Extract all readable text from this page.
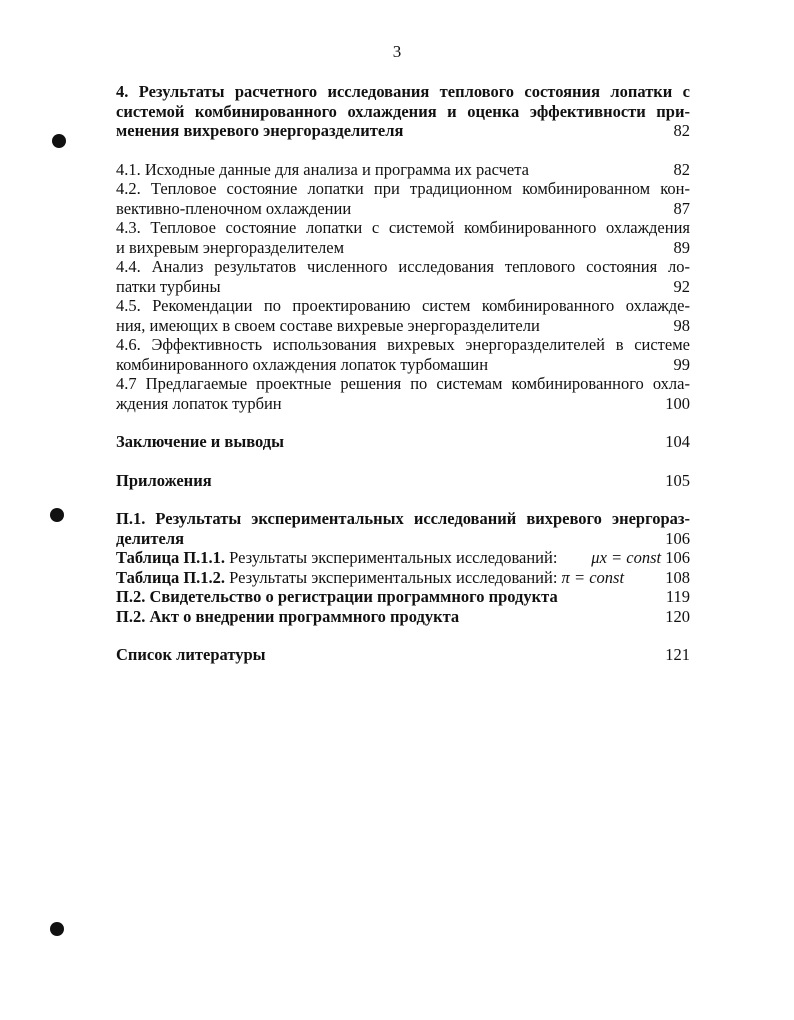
3
4. Результаты расчетного исследования теплового состояния лопатки с
системой комбинированного охлаждения и оценка эффективности при-
менения вихревого энергоразделителя	82
4.1. Исходные данные для анализа и программа их расчета	82
4.2. Тепловое состояние лопатки при традиционном комбинированном кон-
вективно-пленочном охлаждении	87
4.3. Тепловое состояние лопатки с системой комбинированного охлаждения
и вихревым энергоразделителем	89
4.4. Анализ результатов численного исследования теплового состояния ло-
патки турбины	92
4.5. Рекомендации по проектированию систем комбинированного охлажде-
ния, имеющих в своем составе вихревые энергоразделители	98
4.6. Эффективность использования вихревых энергоразделителей в системе
комбинированного охлаждения лопаток турбомашин	99
4.7 Предлагаемые проектные решения по системам комбинированного охла-
ждения лопаток турбин	100
Заключение и выводы	104
Приложения	105
П.1. Результаты экспериментальных исследований вихревого энергораз-
делителя	106
Таблица П.1.1. Результаты экспериментальных исследований: μx = const 106
Таблица П.1.2. Результаты экспериментальных исследований: π = const 108
П.2. Свидетельство о регистрации программного продукта	119
П.2. Акт о внедрении программного продукта	120
Список литературы	121
